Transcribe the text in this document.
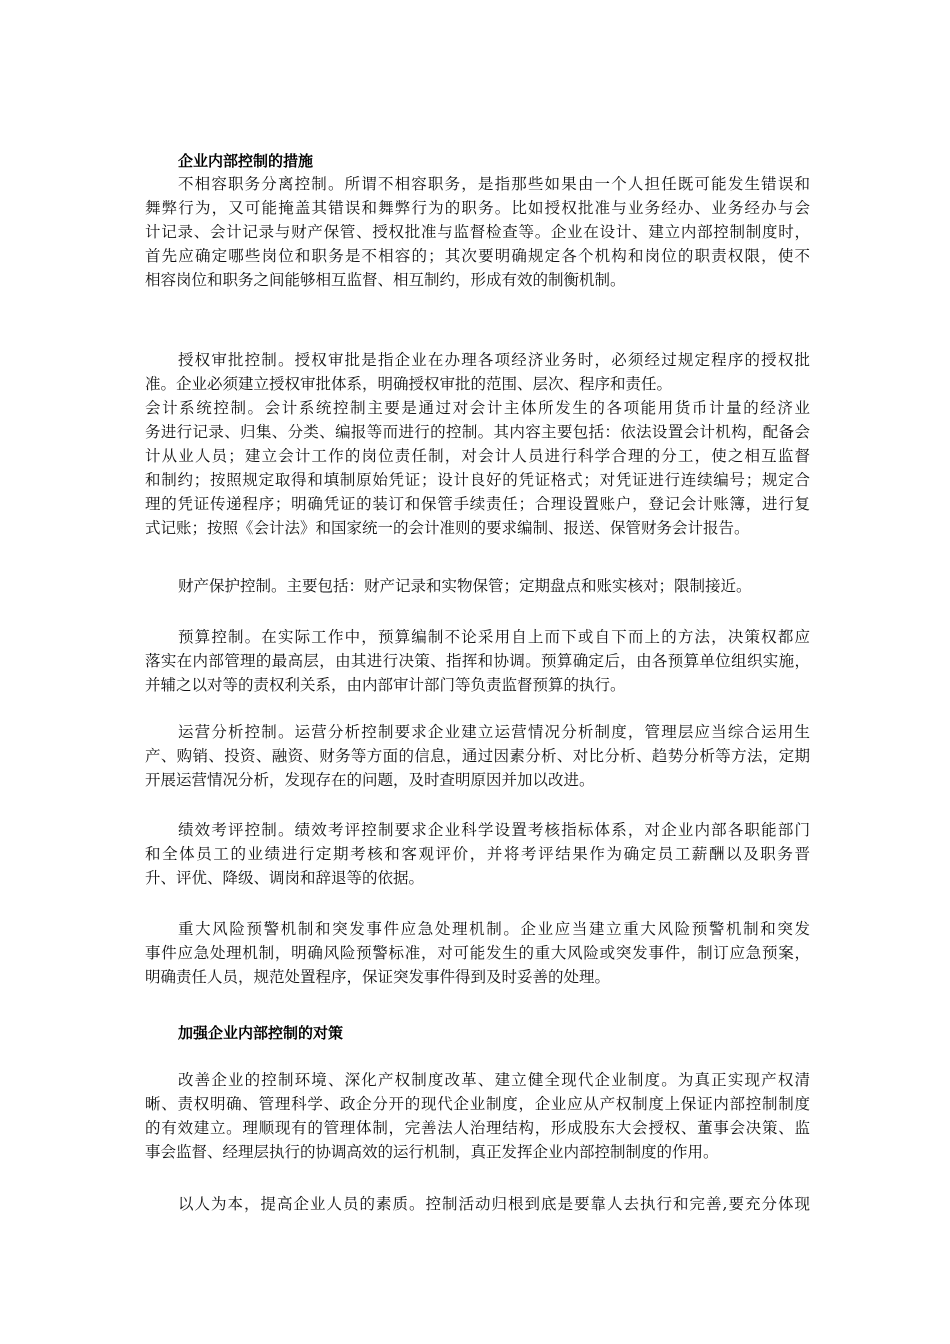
企业内部控制的措施
不相容职务分离控制。所谓不相容职务，是指那些如果由一个人担任既可能发生错误和
舞弊行为，又可能掩盖其错误和舞弊行为的职务。比如授权批准与业务经办、业务经办与会
计记录、会计记录与财产保管、授权批准与监督检查等。企业在设计、建立内部控制制度时，
首先应确定哪些岗位和职务是不相容的；其次要明确规定各个机构和岗位的职责权限，使不
相容岗位和职务之间能够相互监督、相互制约，形成有效的制衡机制。
授权审批控制。授权审批是指企业在办理各项经济业务时，必须经过规定程序的授权批
准。企业必须建立授权审批体系，明确授权审批的范围、层次、程序和责任。
会计系统控制。会计系统控制主要是通过对会计主体所发生的各项能用货币计量的经济业
务进行记录、归集、分类、编报等而进行的控制。其内容主要包括：依法设置会计机构，配备会
计从业人员；建立会计工作的岗位责任制，对会计人员进行科学合理的分工，使之相互监督
和制约；按照规定取得和填制原始凭证；设计良好的凭证格式；对凭证进行连续编号；规定合
理的凭证传递程序；明确凭证的装订和保管手续责任；合理设置账户，登记会计账簿，进行复
式记账；按照《会计法》和国家统一的会计准则的要求编制、报送、保管财务会计报告。
财产保护控制。主要包括：财产记录和实物保管；定期盘点和账实核对；限制接近。
预算控制。在实际工作中，预算编制不论采用自上而下或自下而上的方法，决策权都应
落实在内部管理的最高层，由其进行决策、指挥和协调。预算确定后，由各预算单位组织实施，
并辅之以对等的责权利关系，由内部审计部门等负责监督预算的执行。
运营分析控制。运营分析控制要求企业建立运营情况分析制度，管理层应当综合运用生
产、购销、投资、融资、财务等方面的信息，通过因素分析、对比分析、趋势分析等方法，定期
开展运营情况分析，发现存在的问题，及时查明原因并加以改进。
绩效考评控制。绩效考评控制要求企业科学设置考核指标体系，对企业内部各职能部门
和全体员工的业绩进行定期考核和客观评价，并将考评结果作为确定员工薪酬以及职务晋
升、评优、降级、调岗和辞退等的依据。
重大风险预警机制和突发事件应急处理机制。企业应当建立重大风险预警机制和突发
事件应急处理机制，明确风险预警标准，对可能发生的重大风险或突发事件，制订应急预案，
明确责任人员，规范处置程序，保证突发事件得到及时妥善的处理。
加强企业内部控制的对策
改善企业的控制环境、深化产权制度改革、建立健全现代企业制度。为真正实现产权清
晰、责权明确、管理科学、政企分开的现代企业制度，企业应从产权制度上保证内部控制制度
的有效建立。理顺现有的管理体制，完善法人治理结构，形成股东大会授权、董事会决策、监
事会监督、经理层执行的协调高效的运行机制，真正发挥企业内部控制制度的作用。
以人为本，提高企业人员的素质。控制活动归根到底是要靠人去执行和完善,要充分体现
